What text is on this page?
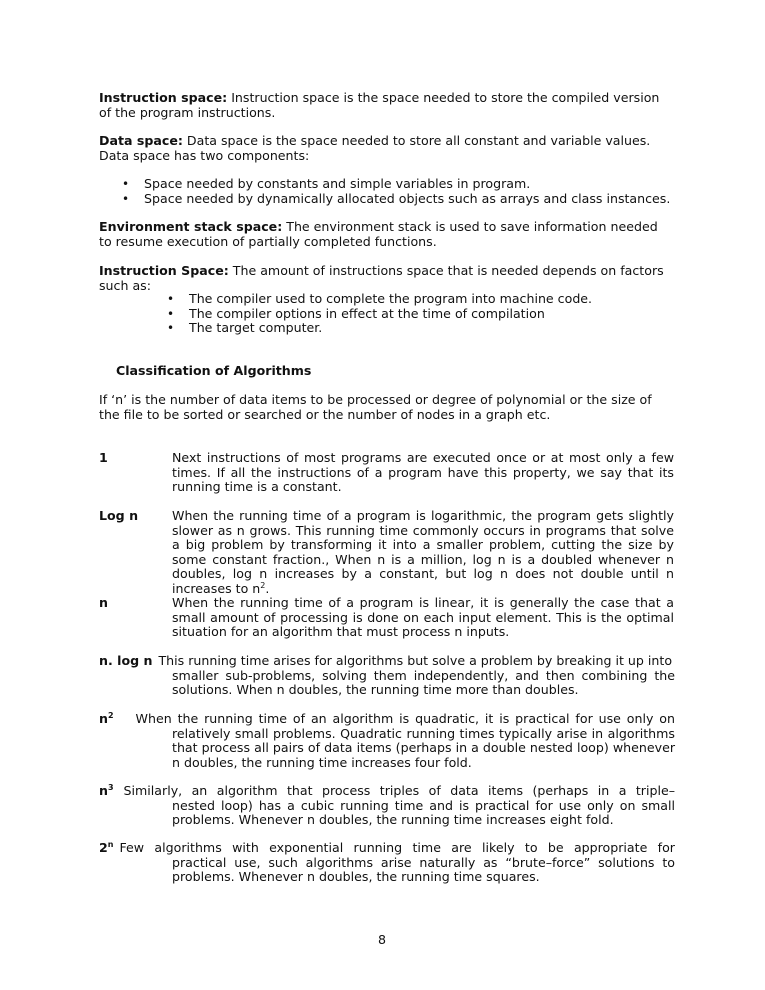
Instruction space: Instruction space is the space needed to store the compiled version of the program instructions.

Data space: Data space is the space needed to store all constant and variable values. Data space has two components:

• Space needed by constants and simple variables in program.
• Space needed by dynamically allocated objects such as arrays and class instances.

Environment stack space: The environment stack is used to save information needed to resume execution of partially completed functions.

Instruction Space: The amount of instructions space that is needed depends on factors such as:

• The compiler used to complete the program into machine code.
• The compiler options in effect at the time of compilation
• The target computer.
Classification of Algorithms

If ‘n’ is the number of data items to be processed or degree of polynomial or the size of the file to be sorted or searched or the number of nodes in a graph etc.

1	Next instructions of most programs are executed once or at most only a few times. If all the instructions of a program have this property, we say that its running time is a constant.
Log n	When the running time of a program is logarithmic, the program gets slightly slower as n grows. This running time commonly occurs in programs that solve a big problem by transforming it into a smaller problem, cutting the size by some constant fraction., When n is a million, log n is a doubled whenever n doubles, log n increases by a constant, but log n does not double until n increases to $n^2$.
n	When the running time of a program is linear, it is generally the case that a small amount of processing is done on each input element. This is the optimal situation for an algorithm that must process n inputs.
n. log n This running time arises for algorithms but solve a problem by breaking it up into
smaller sub-problems, solving them independently, and then combining the solutions. When n doubles, the running time more than doubles.
$n^2$ When the running time of an algorithm is quadratic, it is practical for use only on
relatively small problems. Quadratic running times typically arise in algorithms that process all pairs of data items (perhaps in a double nested loop) whenever n doubles, the running time increases four fold.
$n^3$ Similarly, an algorithm that process triples of data items (perhaps in a triple–
nested loop) has a cubic running time and is practical for use only on small problems. Whenever n doubles, the running time increases eight fold.
2$^n$ Few algorithms with exponential running time are likely to be appropriate for
practical use, such algorithms arise naturally as “brute–force” solutions to problems. Whenever n doubles, the running time squares.
8
